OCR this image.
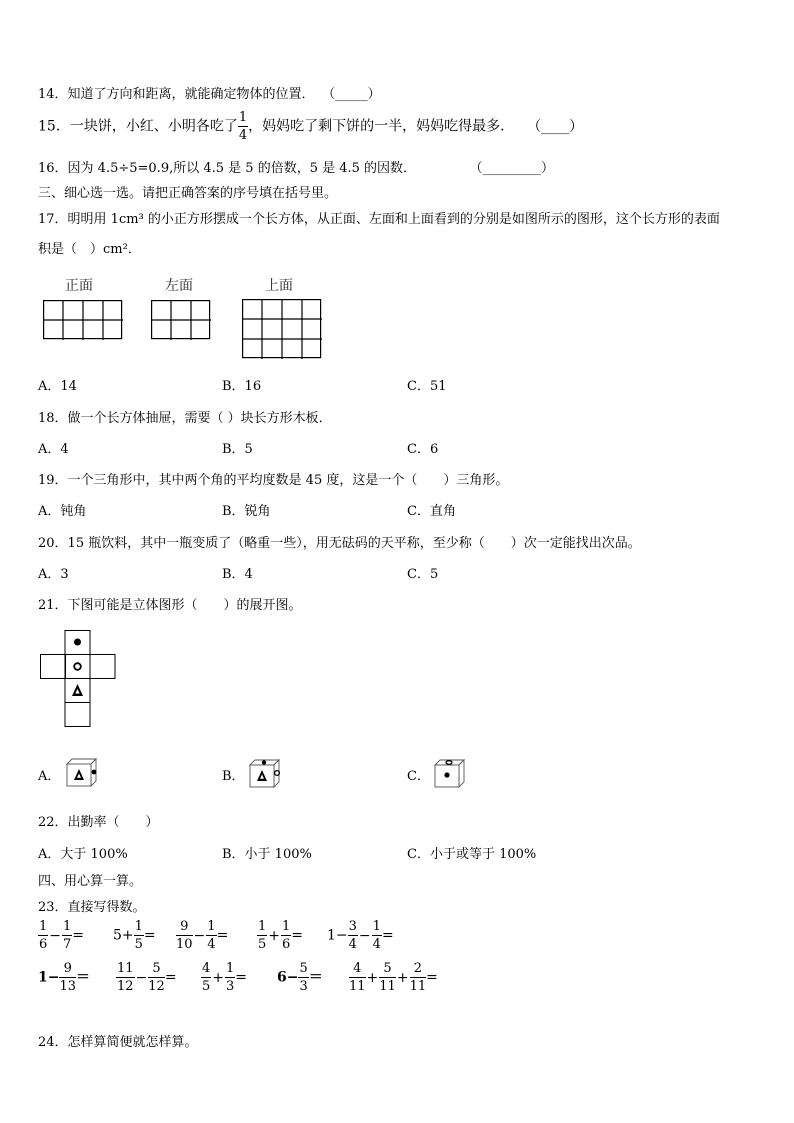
14．知道了方向和距离，就能确定物体的位置． （_____）
15．一块饼，小红、小明各吃了 $\frac{1}{4}$ ，妈妈吃了剩下饼的一半，妈妈吃得最多． （____）
16．因为 4.5÷5=0.9,所以 4.5 是 5 的倍数，5 是 4.5 的因数．	（_________）
三、细心选一选。请把正确答案的序号填在括号里。
17．明明用 1cm³ 的小正方形摆成一个长方体，从正面、左面和上面看到的分别是如图所示的图形，这个长方形的表面
积是（　）cm²．
正面	左面	上面
A．14	B．16	C．51
18．做一个长方体抽屉，需要（ ）块长方形木板．
A．4	B．5	C．6
19．一个三角形中，其中两个角的平均度数是 45 度，这是一个（　　）三角形。
A．钝角	B．锐角	C．直角
20．15 瓶饮料，其中一瓶变质了（略重一些），用无砝码的天平称，至少称（　　）次一定能找出次品。
A．3	B．4	C．5
21．下图可能是立体图形（　　）的展开图。
A．	B．	C．
22．出勤率（　　）
A．大于 100%	B．小于 100%	C．小于或等于 100%
四、用心算一算。
23．直接写得数。
$\frac{1}{6} - \frac{1}{7} = 5+ \frac{1}{5} = \frac{9}{10} - \frac{1}{4} = \frac{1}{5} + \frac{1}{6} = 1- \frac{3}{4} - \frac{1}{4}$ =
$1- \frac{9}{13} = \frac{11}{12} - \frac{5}{12} = \frac{4}{5} + \frac{1}{3} = 6- \frac{5}{3} = \frac{4}{11} + \frac{5}{11} + \frac{2}{11}$ =
24．怎样算简便就怎样算。
